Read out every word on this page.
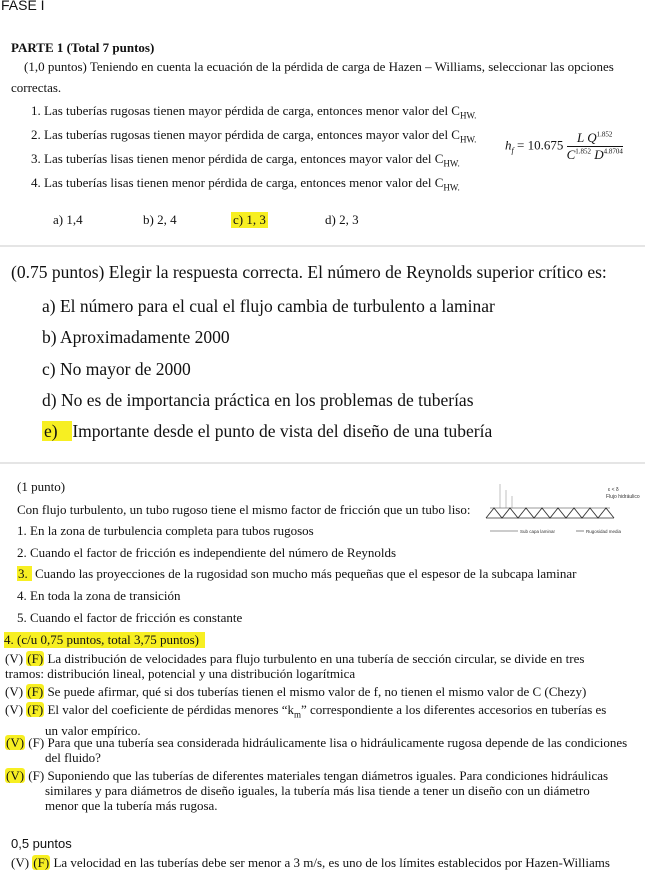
FASE I
PARTE 1 (Total 7 puntos)
(1,0 puntos) Teniendo en cuenta la ecuación de la pérdida de carga de Hazen – Williams, seleccionar las opciones
correctas.
1. Las tuberías rugosas tienen mayor pérdida de carga, entonces menor valor del $C_{HW.}$
2. Las tuberías rugosas tienen mayor pérdida de carga, entonces mayor valor del $C_{HW.}$
3. Las tuberías lisas tienen menor pérdida de carga, entonces mayor valor del $C_{HW.}$
4. Las tuberías lisas tienen menor pérdida de carga, entonces menor valor del $C_{HW.}$
$h_f = 10.675 \frac{L Q^{1.852}}{C^{1.852} D^{4.8704}}$
a) 1,4	b) 2, 4	c) 1, 3	d) 2, 3
(0.75 puntos) Elegir la respuesta correcta. El número de Reynolds superior crítico es:
a) El número para el cual el flujo cambia de turbulento a laminar
b) Aproximadamente 2000
c) No mayor de 2000
d) No es de importancia práctica en los problemas de tuberías
e) Importante desde el punto de vista del diseño de una tubería
(1 punto)
Con flujo turbulento, un tubo rugoso tiene el mismo factor de fricción que un tubo liso:
1. En la zona de turbulencia completa para tubos rugosos
2. Cuando el factor de fricción es independiente del número de Reynolds
3. Cuando las proyecciones de la rugosidad son mucho más pequeñas que el espesor de la subcapa laminar
4. En toda la zona de transición
5. Cuando el factor de fricción es constante
ε < δ
Flujo hidráulico
Sub capa laminar	Rugosidad media
4. (c/u 0,75 puntos, total 3,75 puntos)
(V) (F) La distribución de velocidades para flujo turbulento en una tubería de sección circular, se divide en tres
tramos: distribución lineal, potencial y una distribución logarítmica
(V) (F) Se puede afirmar, qué si dos tuberías tienen el mismo valor de f, no tienen el mismo valor de C (Chezy)
(V) (F) El valor del coeficiente de pérdidas menores “$k_m$” correspondiente a los diferentes accesorios en tuberías es
un valor empírico.
(V) (F) Para que una tubería sea considerada hidráulicamente lisa o hidráulicamente rugosa depende de las condiciones
del fluido?
(V) (F) Suponiendo que las tuberías de diferentes materiales tengan diámetros iguales. Para condiciones hidráulicas
similares y para diámetros de diseño iguales, la tubería más lisa tiende a tener un diseño con un diámetro
menor que la tubería más rugosa.
0,5 puntos
(V) (F) La velocidad en las tuberías debe ser menor a 3 m/s, es uno de los límites establecidos por Hazen-Williams
